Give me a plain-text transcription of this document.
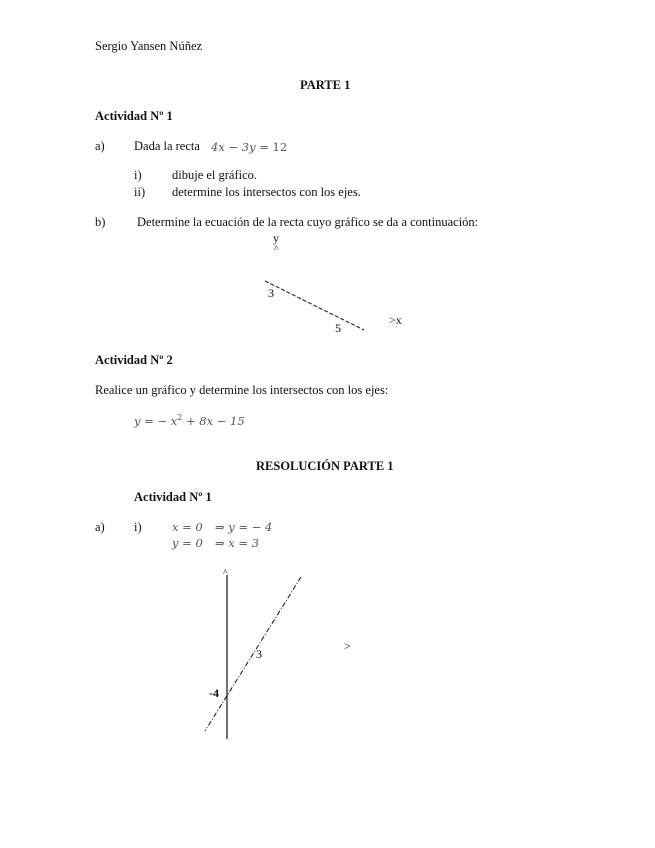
Sergio Yansen Núñez
PARTE 1
Actividad Nº 1
a) Dada la recta 4x − 3y = 12
i) dibuje el gráfico.
ii) determine los intersectos con los ejes.
b)	Determine la ecuación de la recta cuyo gráfico se da a continuación:
y
^
3
5
>x
Actividad Nº 2
Realice un gráfico y determine los intersectos con los ejes:
y = − $x^2 + 8x - 15$
RESOLUCIÓN PARTE 1
Actividad Nº 1
a) i)	x = 0 ⇒ y = − 4
y = 0 ⇒ x = 3
^
3
-4
>
